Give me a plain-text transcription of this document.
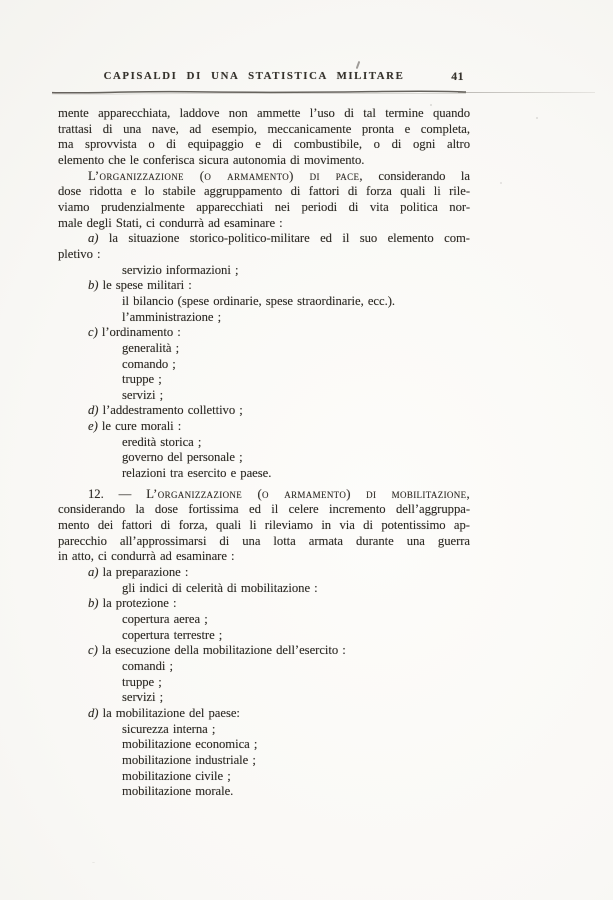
CAPISALDI DI UNA STATISTICA MILITARE	41
mente apparecchiata, laddove non ammette l’uso di tal termine quando
trattasi di una nave, ad esempio, meccanicamente pronta e completa,
ma sprovvista o di equipaggio e di combustibile, o di ogni altro
elemento che le conferisca sicura autonomia di movimento.
L’organizzazione (o armamento) di pace, considerando la
dose ridotta e lo stabile aggruppamento di fattori di forza quali li rile-
viamo prudenzialmente apparecchiati nei periodi di vita politica nor-
male degli Stati, ci condurrà ad esaminare :
a) la situazione storico-politico-militare ed il suo elemento com-
pletivo :
servizio informazioni ;
b) le spese militari :
il bilancio (spese ordinarie, spese straordinarie, ecc.).
l’amministrazione ;
c) l’ordinamento :
generalità ;
comando ;
truppe ;
servizi ;
d) l’addestramento collettivo ;
e) le cure morali :
eredità storica ;
governo del personale ;
relazioni tra esercito e paese.
12. — L’organizzazione (o armamento) di mobilitazione,
considerando la dose fortissima ed il celere incremento dell’aggruppa-
mento dei fattori di forza, quali li rileviamo in via di potentissimo ap-
parecchio all’approssimarsi di una lotta armata durante una guerra
in atto, ci condurrà ad esaminare :
a) la preparazione :
gli indici di celerità di mobilitazione :
b) la protezione :
copertura aerea ;
copertura terrestre ;
c) la esecuzione della mobilitazione dell’esercito :
comandi ;
truppe ;
servizi ;
d) la mobilitazione del paese:
sicurezza interna ;
mobilitazione economica ;
mobilitazione industriale ;
mobilitazione civile ;
mobilitazione morale.
